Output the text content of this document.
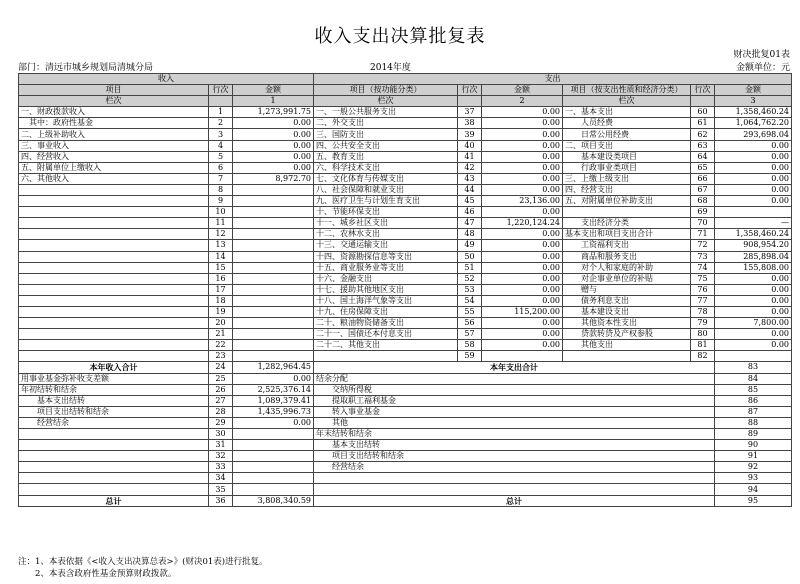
收入支出决算批复表
财决批复01表
部门：清远市城乡规划局清城分局	2014年度	金额单位：元
收入			支出						
项目	行次	金额	项目（按功能分类）	行次	金额	项目（按支出性质和经济分类）	行次	金额	
栏次		1	栏次		2	栏次		3	
一、财政拨款收入	1	1,273,991.75	一、一般公共服务支出	37	0.00	一、基本支出	60	1,358,460.24	
　其中：政府性基金	2	0.00	二、外交支出	38	0.00	　　人员经费	61	1,064,762.20	
二、上级补助收入	3	0.00	三、国防支出	39	0.00	　　日常公用经费	62	293,698.04	
三、事业收入	4	0.00	四、公共安全支出	40	0.00	二、项目支出	63	0.00	
四、经营收入	5	0.00	五、教育支出	41	0.00	　　基本建设类项目	64	0.00	
五、附属单位上缴收入	6	0.00	六、科学技术支出	42	0.00	　　行政事业类项目	65	0.00	
六、其他收入	7	8,972.70	七、文化体育与传媒支出	43	0.00	三、上缴上级支出	66	0.00	
	8		八、社会保障和就业支出	44	0.00	四、经营支出	67	0.00	
	9		九、医疗卫生与计划生育支出	45	23,136.00	五、对附属单位补助支出	68	0.00	
	10		十、节能环保支出	46	0.00		69		
	11		十一、城乡社区支出	47	1,220,124.24	　　支出经济分类	70	—	
	12		十二、农林水支出	48	0.00	基本支出和项目支出合计	71	1,358,460.24	
	13		十三、交通运输支出	49	0.00	　　工资福利支出	72	908,954.20	
	14		十四、资源勘探信息等支出	50	0.00	　　商品和服务支出	73	285,898.04	
	15		十五、商业服务业等支出	51	0.00	　　对个人和家庭的补助	74	155,808.00	
	16		十六、金融支出	52	0.00	　　对企事业单位的补贴	75	0.00	
	17		十七、援助其他地区支出	53	0.00	　　赠与	76	0.00	
	18		十八、国土海洋气象等支出	54	0.00	　　债务利息支出	77	0.00	
	19		十九、住房保障支出	55	115,200.00	　　基本建设支出	78	0.00	
	20		二十、粮油物资储备支出	56	0.00	　　其他资本性支出	79	7,800.00	
	21		二十一、国债还本付息支出	57	0.00	　　贷款转贷及产权参股	80	0.00	
	22		二十二、其他支出	58	0.00	　　其他支出	81	0.00	
	23			59			82		
本年收入合计	24	1,282,964.45	本年支出合计					83	
用事业基金弥补收支差额	25	0.00	结余分配					84	
年初结转和结余	26	2,525,376.14	　　交纳所得税					85	
　　基本支出结转	27	1,089,379.41	　　提取职工福利基金					86	
　　项目支出结转和结余	28	1,435,996.73	　　转入事业基金					87	
　　经营结余	29	0.00	　　其他					88	
	30		年末结转和结余					89	
	31		　　基本支出结转					90	
	32		　　项目支出结转和结余					91	
	33		　　经营结余					92	
	34							93	
	35							94	
总计	36	3,808,340.59	总计					95	
注：1、本表依据《<收入支出决算总表>》(财决01表)进行批复。
　　2、本表含政府性基金预算财政拨款。
